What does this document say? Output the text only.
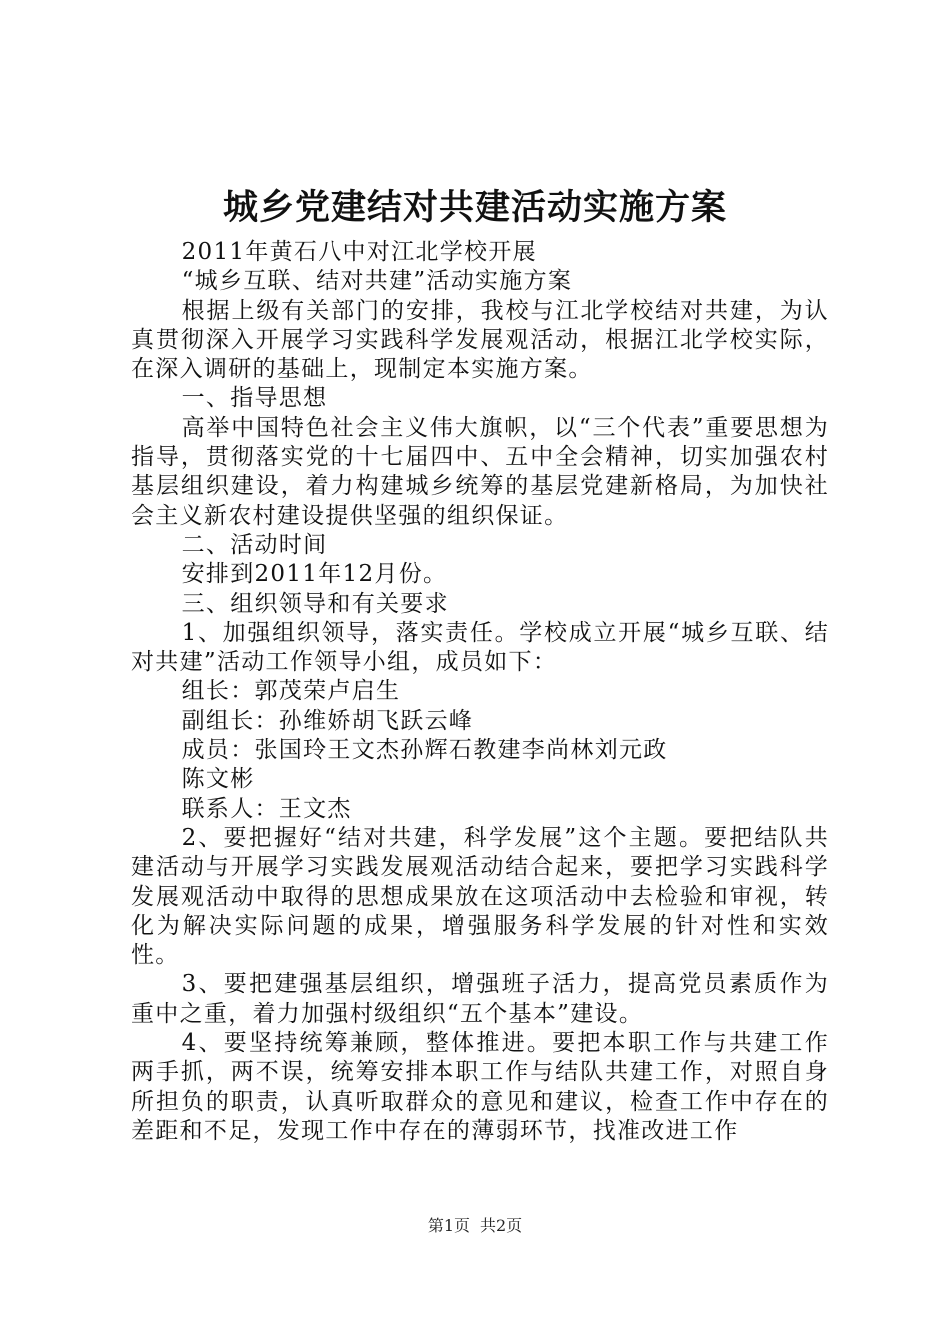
城乡党建结对共建活动实施方案

2011年黄石八中对江北学校开展

“城乡互联、结对共建”活动实施方案

根据上级有关部门的安排，我校与江北学校结对共建，为认真贯彻深入开展学习实践科学发展观活动，根据江北学校实际，在深入调研的基础上，现制定本实施方案。

一、指导思想

高举中国特色社会主义伟大旗帜，以“三个代表”重要思想为指导，贯彻落实党的十七届四中、五中全会精神，切实加强农村基层组织建设，着力构建城乡统筹的基层党建新格局，为加快社会主义新农村建设提供坚强的组织保证。

二、活动时间

安排到2011年12月份。

三、组织领导和有关要求

1、加强组织领导，落实责任。学校成立开展“城乡互联、结对共建”活动工作领导小组，成员如下：

组长：郭茂荣卢启生

副组长：孙维娇胡飞跃云峰

成员：张国玲王文杰孙辉石教建李尚林刘元政

陈文彬

联系人：王文杰

2、要把握好“结对共建，科学发展”这个主题。要把结队共建活动与开展学习实践发展观活动结合起来，要把学习实践科学发展观活动中取得的思想成果放在这项活动中去检验和审视，转化为解决实际问题的成果，增强服务科学发展的针对性和实效性。

3、要把建强基层组织，增强班子活力，提高党员素质作为重中之重，着力加强村级组织“五个基本”建设。

4、要坚持统筹兼顾，整体推进。要把本职工作与共建工作两手抓，两不误，统筹安排本职工作与结队共建工作，对照自身所担负的职责，认真听取群众的意见和建议，检查工作中存在的差距和不足，发现工作中存在的薄弱环节，找准改进工作

第1页 共2页
